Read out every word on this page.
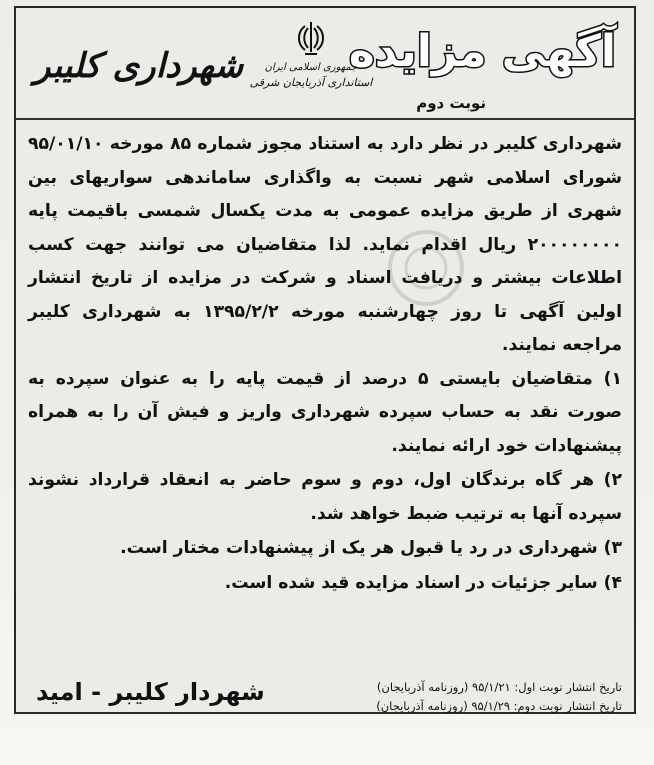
آگهی مزایده
نوبت دوم
جمهوری اسلامی ایران
استانداری آذربایجان شرقی
شهرداری کلیبر

شهرداری کلیبر در نظر دارد به استناد مجوز شماره ۸۵ مورخه ۹۵/۰۱/۱۰ شورای اسلامی شهر نسبت به واگذاری ساماندهی سواریهای بین شهری از طریق مزایده عمومی به مدت یکسال شمسی باقیمت پایه ۲۰۰۰۰۰۰۰۰ ریال اقدام نماید. لذا متقاضیان می توانند جهت کسب اطلاعات بیشتر و دریافت اسناد و شرکت در مزایده از تاریخ انتشار اولین آگهی تا روز چهارشنبه مورخه ۱۳۹۵/۲/۲ به شهرداری کلیبر مراجعه نمایند.

۱) متقاضیان بایستی ۵ درصد از قیمت پایه را به عنوان سپرده به صورت نقد به حساب سپرده شهرداری واریز و فیش آن را به همراه پیشنهادات خود ارائه نمایند.

۲) هر گاه برندگان اول، دوم و سوم حاضر به انعقاد قرارداد نشوند سپرده آنها به ترتیب ضبط خواهد شد.

۳) شهرداری در رد یا قبول هر یک از پیشنهادات مختار است.

۴) سایر جزئیات در اسناد مزایده قید شده است.

شهردار کلیبر - امید	تاریخ انتشار نوبت اول: ۹۵/۱/۲۱ (روزنامه آذربایجان)
تاریخ انتشار نوبت دوم: ۹۵/۱/۲۹ (روزنامه آذربایجان)
